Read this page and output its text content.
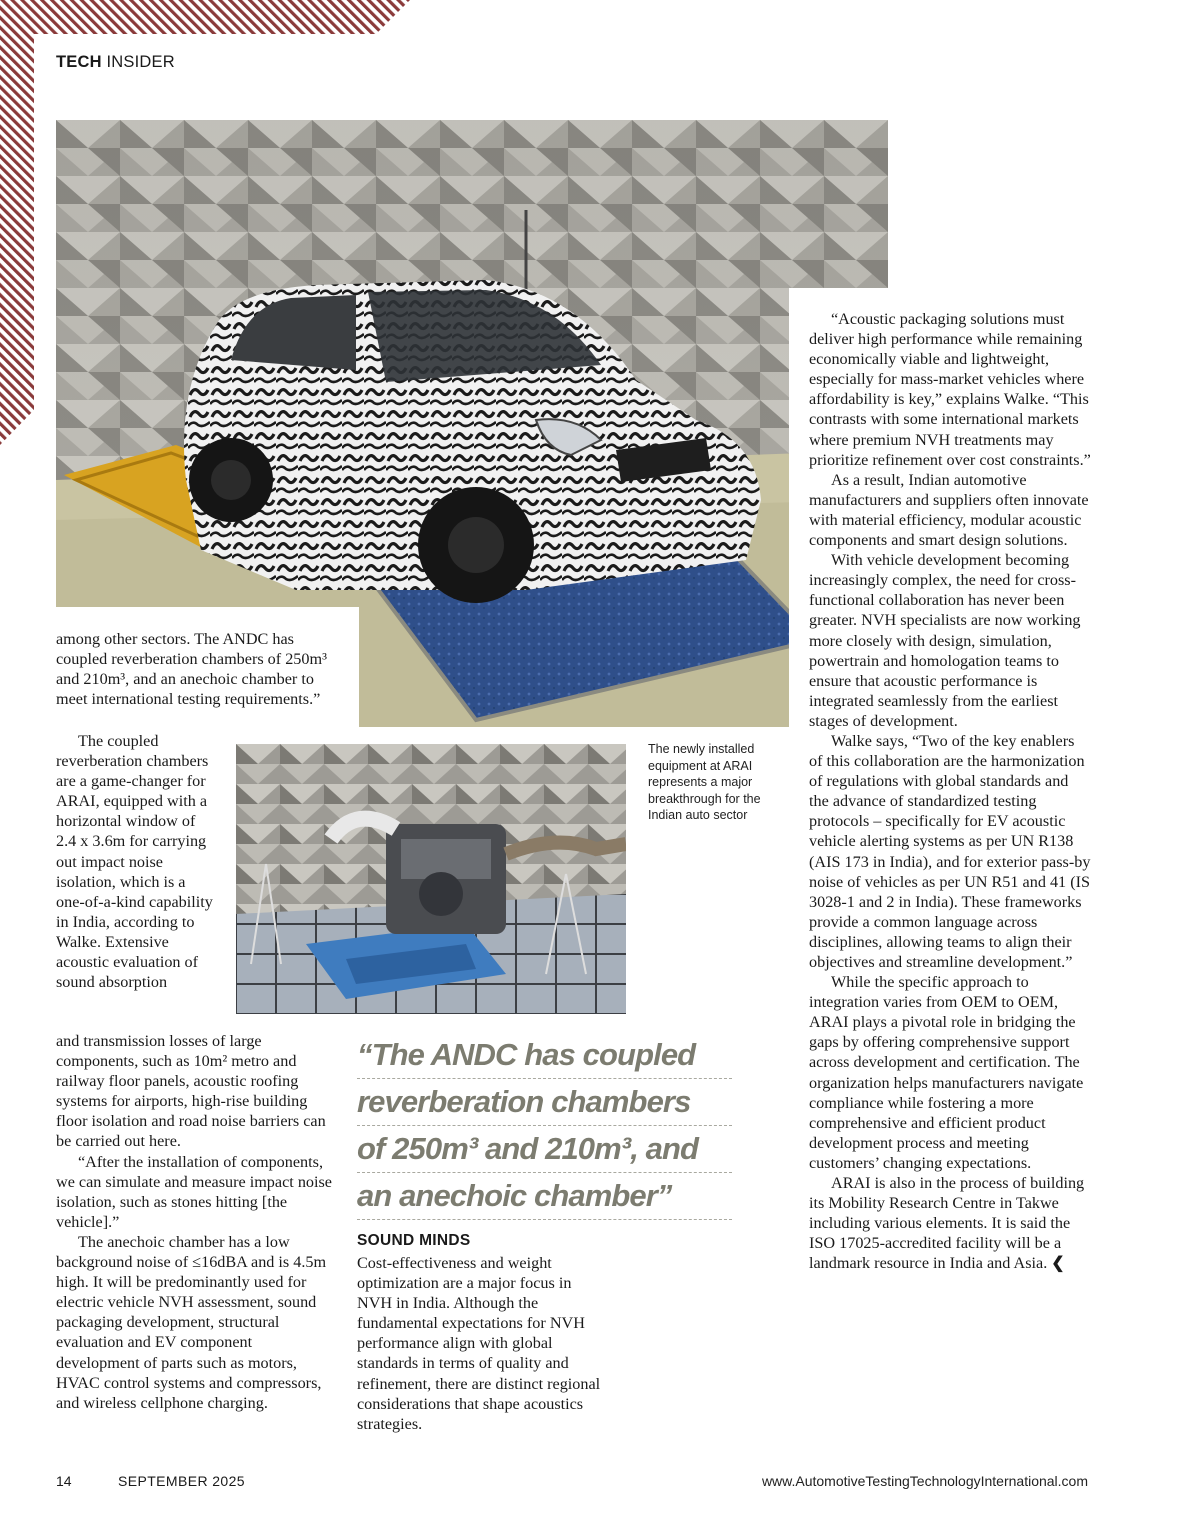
TECH INSIDER
The newly installed equipment at ARAI represents a major breakthrough for the Indian auto sector

among other sectors. The ANDC has coupled reverberation chambers of 250m³ and 210m³, and an anechoic chamber to meet international testing requirements.”

The coupled reverberation chambers are a game-changer for ARAI, equipped with a horizontal window of 2.4 x 3.6m for carrying out impact noise isolation, which is a one-of-a-kind capability in India, according to Walke. Extensive acoustic evaluation of sound absorption

and transmission losses of large components, such as 10m² metro and railway floor panels, acoustic roofing systems for airports, high-rise building floor isolation and road noise barriers can be carried out here.

“After the installation of components, we can simulate and measure impact noise isolation, such as stones hitting [the vehicle].”

The anechoic chamber has a low background noise of ≤16dBA and is 4.5m high. It will be predominantly used for electric vehicle NVH assessment, sound packaging development, structural evaluation and EV component development of parts such as motors, HVAC control systems and compressors, and wireless cellphone charging.

“The ANDC has coupled
reverberation chambers
of 250m³ and 210m³, and
an anechoic chamber”
SOUND MINDS

Cost-effectiveness and weight optimization are a major focus in NVH in India. Although the fundamental expectations for NVH performance align with global standards in terms of quality and refinement, there are distinct regional considerations that shape acoustics strategies.

“Acoustic packaging solutions must deliver high performance while remaining economically viable and lightweight, especially for mass-market vehicles where affordability is key,” explains Walke. “This contrasts with some international markets where premium NVH treatments may prioritize refinement over cost constraints.”

As a result, Indian automotive manufacturers and suppliers often innovate with material efficiency, modular acoustic components and smart design solutions.

With vehicle development becoming increasingly complex, the need for cross-functional collaboration has never been greater. NVH specialists are now working more closely with design, simulation, powertrain and homologation teams to ensure that acoustic performance is integrated seamlessly from the earliest stages of development.

Walke says, “Two of the key enablers of this collaboration are the harmonization of regulations with global standards and the advance of standardized testing protocols – specifically for EV acoustic vehicle alerting systems as per UN R138 (AIS 173 in India), and for exterior pass-by noise of vehicles as per UN R51 and 41 (IS 3028-1 and 2 in India). These frameworks provide a common language across disciplines, allowing teams to align their objectives and streamline development.”

While the specific approach to integration varies from OEM to OEM, ARAI plays a pivotal role in bridging the gaps by offering comprehensive support across development and certification. The organization helps manufacturers navigate compliance while fostering a more comprehensive and efficient product development process and meeting customers’ changing expectations.

ARAI is also in the process of building its Mobility Research Centre in Takwe including various elements. It is said the ISO 17025-accredited facility will be a landmark resource in India and Asia. ❮

14	SEPTEMBER 2025	www.AutomotiveTestingTechnologyInternational.com
